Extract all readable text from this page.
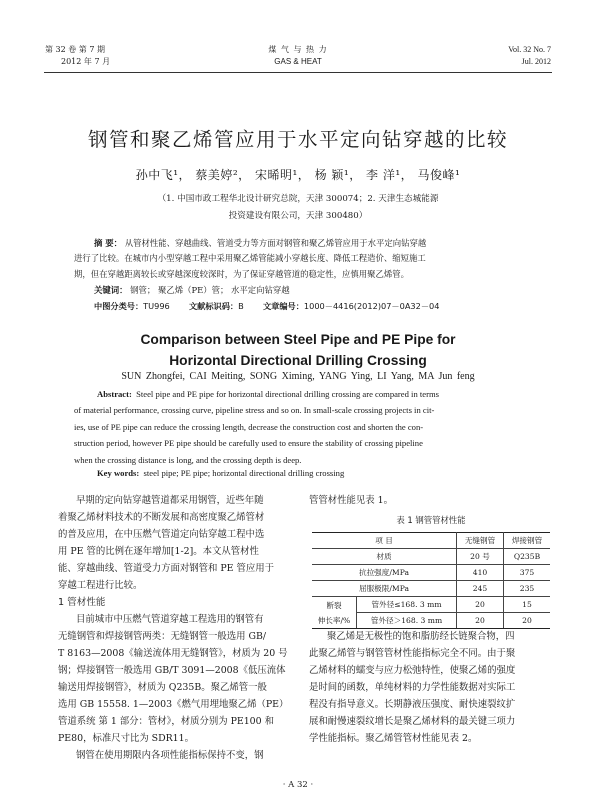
第 32 卷 第 7 期
2012 年 7 月
煤 气 与 热 力
GAS & HEAT
Vol. 32 No. 7
Jul. 2012
钢管和聚乙烯管应用于水平定向钻穿越的比较
孙中飞¹， 蔡美婷²， 宋晞明¹， 杨 颖¹， 李 洋¹， 马俊峰¹
（1. 中国市政工程华北设计研究总院，天津 300074；2. 天津生态城能源
投资建设有限公司，天津 300480）
摘 要： 从管材性能、穿越曲线、管道受力等方面对钢管和聚乙烯管应用于水平定向钻穿越
进行了比较。在城市内小型穿越工程中采用聚乙烯管能减小穿越长度、降低工程造价、缩短施工
期，但在穿越距离较长或穿越深度较深时，为了保证穿越管道的稳定性，应慎用聚乙烯管。
关键词： 钢管； 聚乙烯（PE）管； 水平定向钻穿越
中图分类号：TU996 文献标识码：B 文章编号：1000－4416(2012)07－0A32－04
Comparison between Steel Pipe and PE Pipe for
Horizontal Directional Drilling Crossing
SUN Zhongfei, CAI Meiting, SONG Ximing, YANG Ying, LI Yang, MA Jun feng
Abstract: Steel pipe and PE pipe for horizontal directional drilling crossing are compared in terms
of material performance, crossing curve, pipeline stress and so on. In small-scale crossing projects in cit-
ies, use of PE pipe can reduce the crossing length, decrease the construction cost and shorten the con-
struction period, however PE pipe should be carefully used to ensure the stability of crossing pipeline
when the crossing distance is long, and the crossing depth is deep.
Key words: steel pipe; PE pipe; horizontal directional drilling crossing
早期的定向钻穿越管道都采用钢管，近些年随
着聚乙烯材料技术的不断发展和高密度聚乙烯管材
的普及应用，在中压燃气管道定向钻穿越工程中选
用 PE 管的比例在逐年增加[1-2]。本文从管材性
能、穿越曲线、管道受力方面对钢管和 PE 管应用于
穿越工程进行比较。
1 管材性能
目前城市中压燃气管道穿越工程选用的钢管有
无缝钢管和焊接钢管两类：无缝钢管一般选用 GB/
T 8163—2008《输送流体用无缝钢管》，材质为 20 号
钢；焊接钢管一般选用 GB/T 3091—2008《低压流体
输送用焊接钢管》，材质为 Q235B。聚乙烯管一般
选用 GB 15558. 1—2003《燃气用埋地聚乙烯（PE）
管道系统 第 1 部分：管材》，材质分别为 PE100 和
PE80，标准尺寸比为 SDR11。
钢管在使用期限内各项性能指标保持不变，钢
管管材性能见表 1。
表 1 钢管管材性能
项 目		无缝钢管	焊接钢管
材质		20 号	Q235B
抗拉强度/MPa		410	375
屈服极限/MPa		245	235

断裂
伸长率/%	管外径≤168. 3 mm	20	15
	管外径＞168. 3 mm	20	20
聚乙烯是无极性的饱和脂肪经长链聚合物，四
此聚乙烯管与钢管管材性能指标完全不同。由于聚
乙烯材料的蠕变与应力松弛特性，使聚乙烯的强度
是时间的函数，单纯材料的力学性能数据对实际工
程没有指导意义。长期静液压强度、耐快速裂纹扩
展和耐慢速裂纹增长是聚乙烯材料的最关键三项力
学性能指标。聚乙烯管管材性能见表 2。
· A 32 ·
